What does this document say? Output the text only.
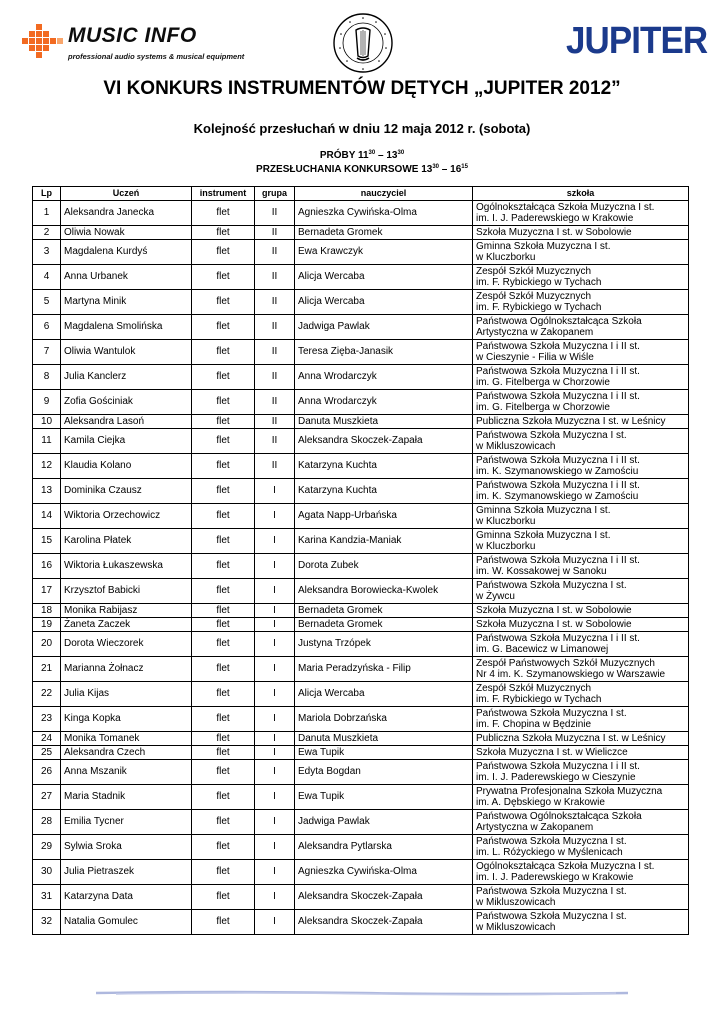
MUSIC INFO
professional audio systems & musical equipment	JUPITER
VI KONKURS INSTRUMENTÓW DĘTYCH „JUPITER 2012”
Kolejność przesłuchań w dniu 12 maja 2012 r. (sobota)
PRÓBY $11^{30} - 13^{30}$
PRZESŁUCHANIA KONKURSOWE $13^{30} - 16^{15}$
Lp	Uczeń	instrument	grupa	nauczyciel	szkoła
1	Aleksandra Janecka	flet	II	Agnieszka Cywińska-Olma	Ogólnokształcąca Szkoła Muzyczna I st.
im. I. J. Paderewskiego w Krakowie

2	Oliwia Nowak	flet	II	Bernadeta Gromek	Szkoła Muzyczna I st. w Sobolowie

3	Magdalena Kurdyś	flet	II	Ewa Krawczyk	Gminna Szkoła Muzyczna I st.
w Kluczborku

4	Anna Urbanek	flet	II	Alicja Wercaba	Zespół Szkół Muzycznych
im. F. Rybickiego w Tychach

5	Martyna Minik	flet	II	Alicja Wercaba	Zespół Szkół Muzycznych
im. F. Rybickiego w Tychach

6	Magdalena Smolińska	flet	II	Jadwiga Pawlak	Państwowa Ogólnokształcąca Szkoła
Artystyczna w Zakopanem

7	Oliwia Wantulok	flet	II	Teresa Zięba-Janasik	Państwowa Szkoła Muzyczna I i II st.
w Cieszynie - Filia w Wiśle

8	Julia Kanclerz	flet	II	Anna Wrodarczyk	Państwowa Szkoła Muzyczna I i II st.
im. G. Fitelberga w Chorzowie

9	Zofia Gościniak	flet	II	Anna Wrodarczyk	Państwowa Szkoła Muzyczna I i II st.
im. G. Fitelberga w Chorzowie

10	Aleksandra Lasoń	flet	II	Danuta Muszkieta	Publiczna Szkoła Muzyczna I st. w Leśnicy

11	Kamila Ciejka	flet	II	Aleksandra Skoczek-Zapała	Państwowa Szkoła Muzyczna I st.
w Mikluszowicach

12	Klaudia Kolano	flet	II	Katarzyna Kuchta	Państwowa Szkoła Muzyczna I i II st.
im. K. Szymanowskiego w Zamościu

13	Dominika Czausz	flet	I	Katarzyna Kuchta	Państwowa Szkoła Muzyczna I i II st.
im. K. Szymanowskiego w Zamościu

14	Wiktoria Orzechowicz	flet	I	Agata Napp-Urbańska	Gminna Szkoła Muzyczna I st.
w Kluczborku

15	Karolina Płatek	flet	I	Karina Kandzia-Maniak	Gminna Szkoła Muzyczna I st.
w Kluczborku

16	Wiktoria Łukaszewska	flet	I	Dorota Zubek	Państwowa Szkoła Muzyczna I i II st.
im. W. Kossakowej w Sanoku

17	Krzysztof Babicki	flet	I	Aleksandra Borowiecka-Kwolek	Państwowa Szkoła Muzyczna I st.
w Żywcu

18	Monika Rabijasz	flet	I	Bernadeta Gromek	Szkoła Muzyczna I st. w Sobolowie

19	Żaneta Zaczek	flet	I	Bernadeta Gromek	Szkoła Muzyczna I st. w Sobolowie

20	Dorota Wieczorek	flet	I	Justyna Trzópek	Państwowa Szkoła Muzyczna I i II st.
im. G. Bacewicz w Limanowej

21	Marianna Żołnacz	flet	I	Maria Peradzyńska - Filip	Zespół Państwowych Szkół Muzycznych
Nr 4 im. K. Szymanowskiego w Warszawie

22	Julia Kijas	flet	I	Alicja Wercaba	Zespół Szkół Muzycznych
im. F. Rybickiego w Tychach

23	Kinga Kopka	flet	I	Mariola Dobrzańska	Państwowa Szkoła Muzyczna I st.
im. F. Chopina w Będzinie

24	Monika Tomanek	flet	I	Danuta Muszkieta	Publiczna Szkoła Muzyczna I st. w Leśnicy

25	Aleksandra Czech	flet	I	Ewa Tupik	Szkoła Muzyczna I st. w Wieliczce

26	Anna Mszanik	flet	I	Edyta Bogdan	Państwowa Szkoła Muzyczna I i II st.
im. I. J. Paderewskiego w Cieszynie

27	Maria Stadnik	flet	I	Ewa Tupik	Prywatna Profesjonalna Szkoła Muzyczna
im. A. Dębskiego w Krakowie

28	Emilia Tycner	flet	I	Jadwiga Pawlak	Państwowa Ogólnokształcąca Szkoła
Artystyczna w Zakopanem

29	Sylwia Sroka	flet	I	Aleksandra Pytlarska	Państwowa Szkoła Muzyczna I st.
im. L. Różyckiego w Myślenicach

30	Julia Pietraszek	flet	I	Agnieszka Cywińska-Olma	Ogólnokształcąca Szkoła Muzyczna I st.
im. I. J. Paderewskiego w Krakowie

31	Katarzyna Data	flet	I	Aleksandra Skoczek-Zapała	Państwowa Szkoła Muzyczna I st.
w Mikluszowicach

32	Natalia Gomulec	flet	I	Aleksandra Skoczek-Zapała	Państwowa Szkoła Muzyczna I st.
w Mikluszowicach
